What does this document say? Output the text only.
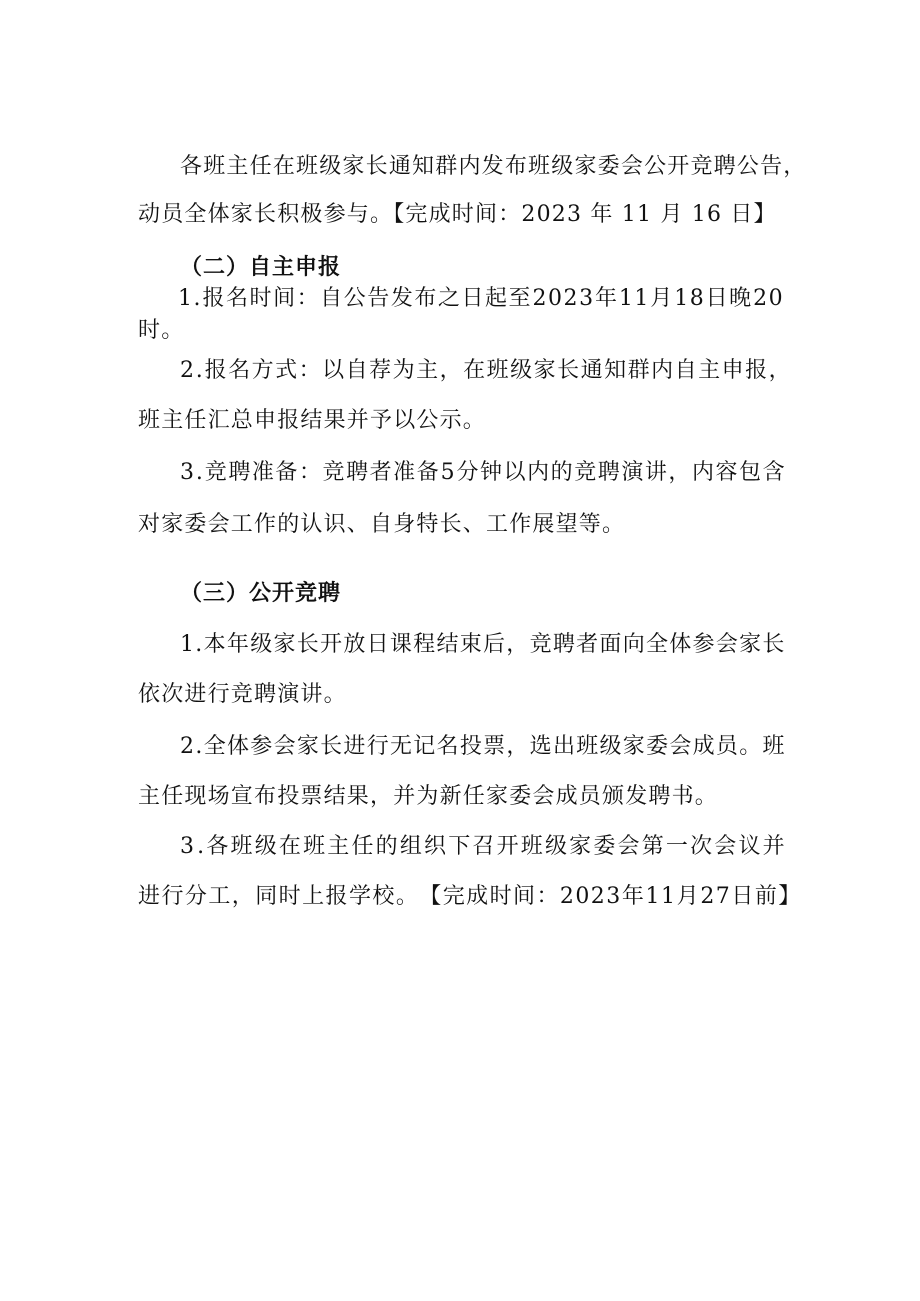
各 班 主 任 在 班 级 家 长 通 知 群 内 发 布 班 级 家 委 会 公 开 竞 聘 公 告 ，
动员全体家长积极参与。【完成时间：2023 年 11 月 16 日】
（二）自主申报
1 . 报 名 时 间 ： 自 公 告 发 布 之 日 起 至 2 0 2 3 年 1 1 月 1 8 日 晚 2 0
时。
2 . 报 名 方 式 ： 以 自 荐 为 主 ， 在 班 级 家 长 通 知 群 内 自 主 申 报 ，
班主任汇总申报结果并予以公示。
3 . 竞 聘 准 备 ： 竞 聘 者 准 备 5 分 钟 以 内 的 竞 聘 演 讲 ， 内 容 包 含
对家委会工作的认识、自身特长、工作展望等。
（三）公开竞聘
1 . 本 年 级 家 长 开 放 日 课 程 结 束 后 ， 竞 聘 者 面 向 全 体 参 会 家 长
依次进行竞聘演讲。
2 . 全 体 参 会 家 长 进 行 无 记 名 投 票 ， 选 出 班 级 家 委 会 成 员 。 班
主任现场宣布投票结果，并为新任家委会成员颁发聘书。
3 . 各 班 级 在 班 主 任 的 组 织 下 召 开 班 级 家 委 会 第 一 次 会 议 并
进 行 分 工 ， 同 时 上 报 学 校 。 【 完 成 时 间 ： 2 0 2 3 年 1 1 月 2 7 日 前 】
